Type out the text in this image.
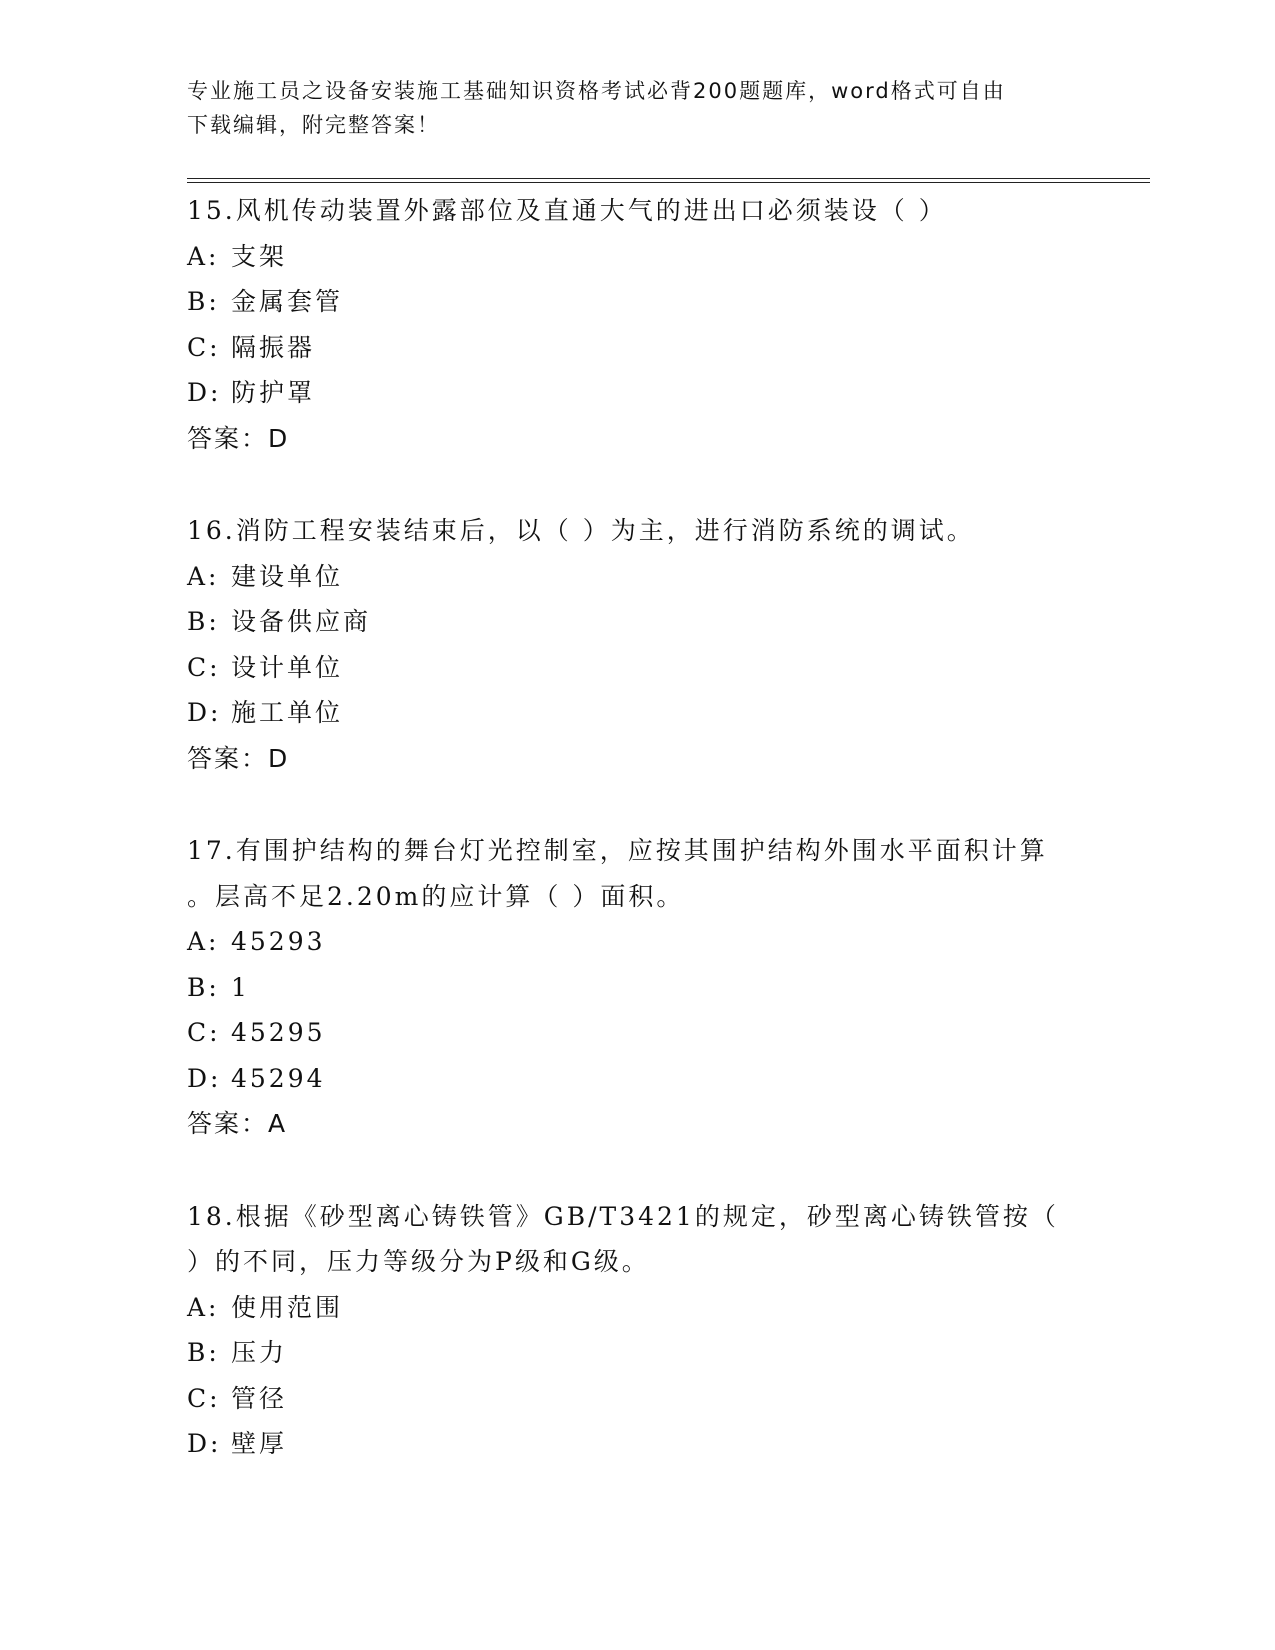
专业施工员之设备安装施工基础知识资格考试必背200题题库，word格式可自由
下载编辑，附完整答案！
15.风机传动装置外露部位及直通大气的进出口必须装设（ ）
A: 支架
B: 金属套管
C: 隔振器
D: 防护罩
答案：D
16.消防工程安装结束后，以（ ）为主，进行消防系统的调试。
A: 建设单位
B: 设备供应商
C: 设计单位
D: 施工单位
答案：D
17.有围护结构的舞台灯光控制室，应按其围护结构外围水平面积计算
。层高不足2.20m的应计算（ ）面积。
A: 45293
B: 1
C: 45295
D: 45294
答案：A
18.根据《砂型离心铸铁管》GB/T3421的规定，砂型离心铸铁管按（
）的不同，压力等级分为P级和G级。
A: 使用范围
B: 压力
C: 管径
D: 壁厚
